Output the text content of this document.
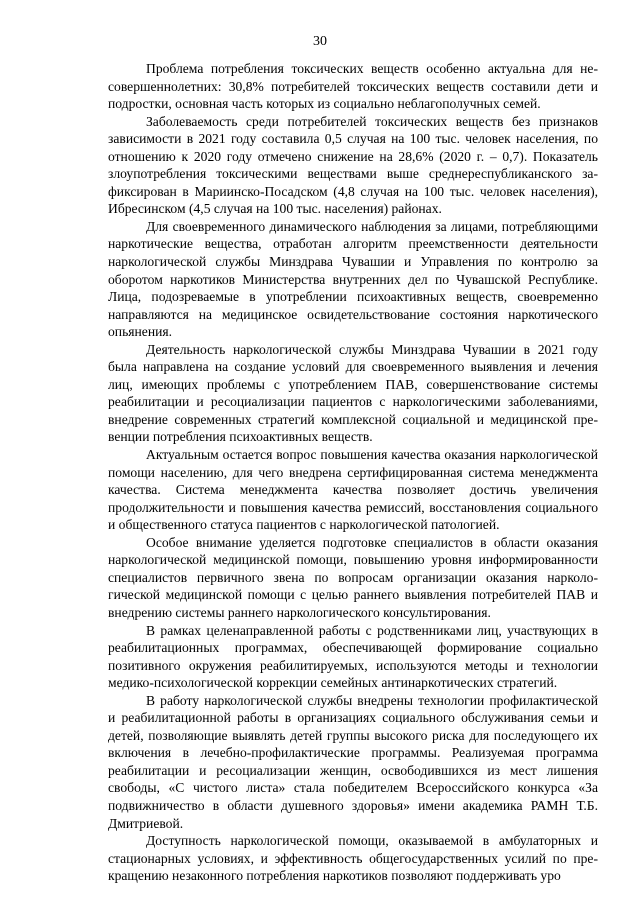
30

Проблема потребления токсических веществ особенно актуальна для несовершеннолетних: 30,8% потребителей токсических веществ составили дети и подростки, основная часть которых из социально неблагополучных семей.

Заболеваемость среди потребителей токсических веществ без признаков зависимости в 2021 году составила 0,5 случая на 100 тыс. человек населения, по отношению к 2020 году отмечено снижение на 28,6% (2020 г. – 0,7). Показатель злоупотребления токсическими веществами выше среднереспубликанского зафиксирован в Мариинско-Посадском (4,8 случая на 100 тыс. человек населения), Ибресинском (4,5 случая на 100 тыс. населения) районах.

Для своевременного динамического наблюдения за лицами, потребляющими наркотические вещества, отработан алгоритм преемственности деятельности наркологической службы Минздрава Чувашии и Управления по контролю за оборотом наркотиков Министерства внутренних дел по Чувашской Республике. Лица, подозреваемые в употреблении психоактивных веществ, своевременно направляются на медицинское освидетельствование состояния наркотического опьянения.

Деятельность наркологической службы Минздрава Чувашии в 2021 году была направлена на создание условий для своевременного выявления и лечения лиц, имеющих проблемы с употреблением ПАВ, совершенствование системы реабилитации и ресоциализации пациентов с наркологическими заболеваниями, внедрение современных стратегий комплексной социальной и медицинской превенции потребления психоактивных веществ.

Актуальным остается вопрос повышения качества оказания наркологической помощи населению, для чего внедрена сертифицированная система менеджмента качества. Система менеджмента качества позволяет достичь увеличения продолжительности и повышения качества ремиссий, восстановления социального и общественного статуса пациентов с наркологической патологией.

Особое внимание уделяется подготовке специалистов в области оказания наркологической медицинской помощи, повышению уровня информированности специалистов первичного звена по вопросам организации оказания наркологической медицинской помощи с целью раннего выявления потребителей ПАВ и внедрению системы раннего наркологического консультирования.

В рамках целенаправленной работы с родственниками лиц, участвующих в реабилитационных программах, обеспечивающей формирование социально позитивного окружения реабилитируемых, используются методы и технологии медико-психологической коррекции семейных антинаркотических стратегий.

В работу наркологической службы внедрены технологии профилактической и реабилитационной работы в организациях социального обслуживания семьи и детей, позволяющие выявлять детей группы высокого риска для последующего их включения в лечебно-профилактические программы. Реализуемая программа реабилитации и ресоциализации женщин, освободившихся из мест лишения свободы, «С чистого листа» стала победителем Всероссийского конкурса «За подвижничество в области душевного здоровья» имени академика РАМН Т.Б. Дмитриевой.

Доступность наркологической помощи, оказываемой в амбулаторных и стационарных условиях, и эффективность общегосударственных усилий по прекращению незаконного потребления наркотиков позволяют поддерживать уро
